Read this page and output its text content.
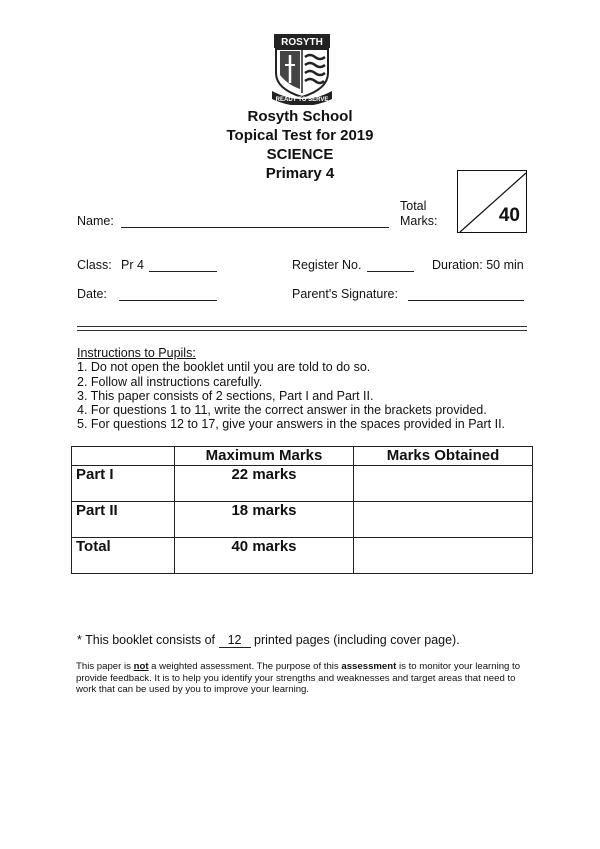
ROSYTH
READY TO SERVE
Rosyth School
Topical Test for 2019
SCIENCE
Primary 4
Total
Marks:	40
Name:
Class: Pr 4	Register No.	Duration: 50 min
Date:	Parent's Signature:
Instructions to Pupils:
1. Do not open the booklet until you are told to do so.
2. Follow all instructions carefully.
3. This paper consists of 2 sections, Part I and Part II.
4. For questions 1 to 11, write the correct answer in the brackets provided.
5. For questions 12 to 17, give your answers in the spaces provided in Part II.
	Maximum Marks	Marks Obtained
Part I	22 marks	
Part II	18 marks	
Total	40 marks	
* This booklet consists of 12 printed pages (including cover page).
This paper is not a weighted assessment. The purpose of this assessment is to monitor your learning to provide feedback. It is to help you identify your strengths and weaknesses and target areas that need to work that can be used by you to improve your learning.
